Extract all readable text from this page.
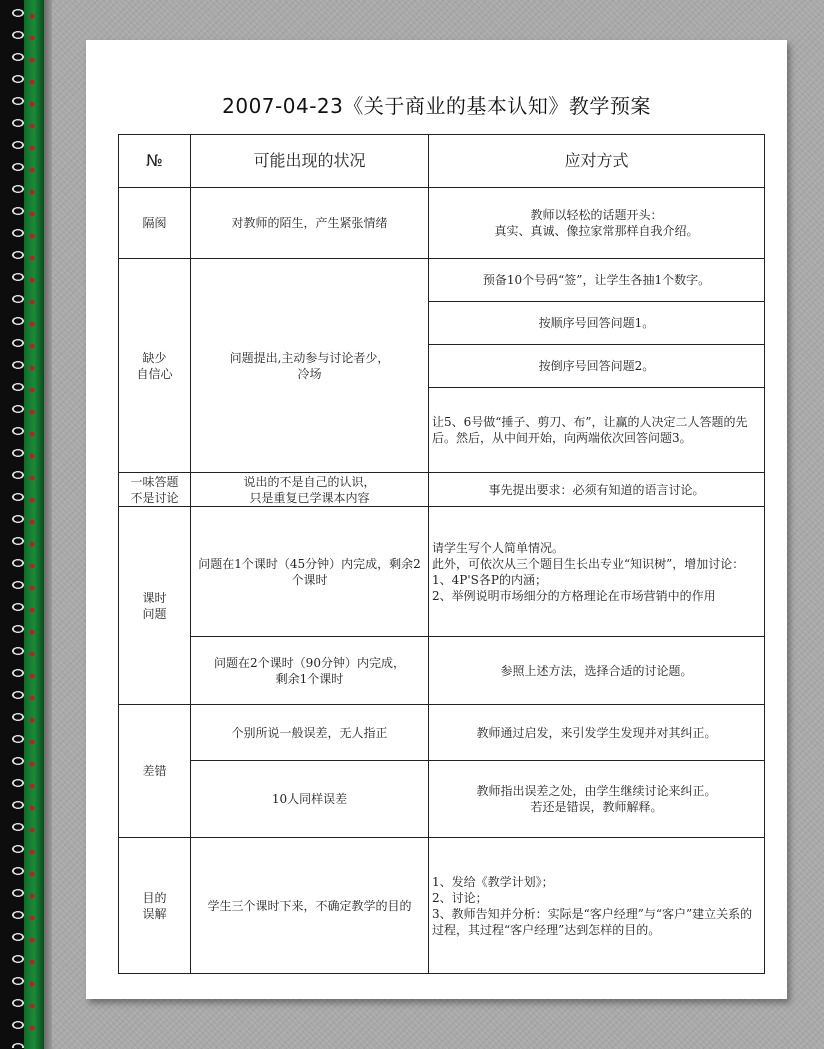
2007-04-23《关于商业的基本认知》教学预案
№	可能出现的状况	应对方式

隔阂	对教师的陌生，产生紧张情绪	教师以轻松的话题开头：
真实、真诚、像拉家常那样自我介绍。

缺少
自信心	问题提出,主动参与讨论者少，
冷场	预备10个号码“签”，让学生各抽1个数字。

		按顺序号回答问题1。

		按倒序号回答问题2。

		让5、6号做“捶子、剪刀、布”，让赢的人决定二人答题的先后。然后，从中间开始，向两端依次回答问题3。

一味答题
不是讨论	说出的不是自己的认识，
只是重复已学课本内容	事先提出要求：必须有知道的语言讨论。

课时
问题	问题在1个课时（45分钟）内完成，剩余2个课时	请学生写个人简单情况。
此外，可依次从三个题目生长出专业“知识树”，增加讨论：
1、4P'S各P的内涵；
2、举例说明市场细分的方格理论在市场营销中的作用

	问题在2个课时（90分钟）内完成，
剩余1个课时	参照上述方法，选择合适的讨论题。

差错	个别所说一般误差，无人指正	教师通过启发，来引发学生发现并对其纠正。

	10人同样误差	教师指出误差之处，由学生继续讨论来纠正。
若还是错误，教师解释。

目的
误解	学生三个课时下来，不确定教学的目的	1、发给《教学计划》；
2、讨论；
3、教师告知并分析：实际是“客户经理”与“客户”建立关系的过程，其过程“客户经理”达到怎样的目的。
